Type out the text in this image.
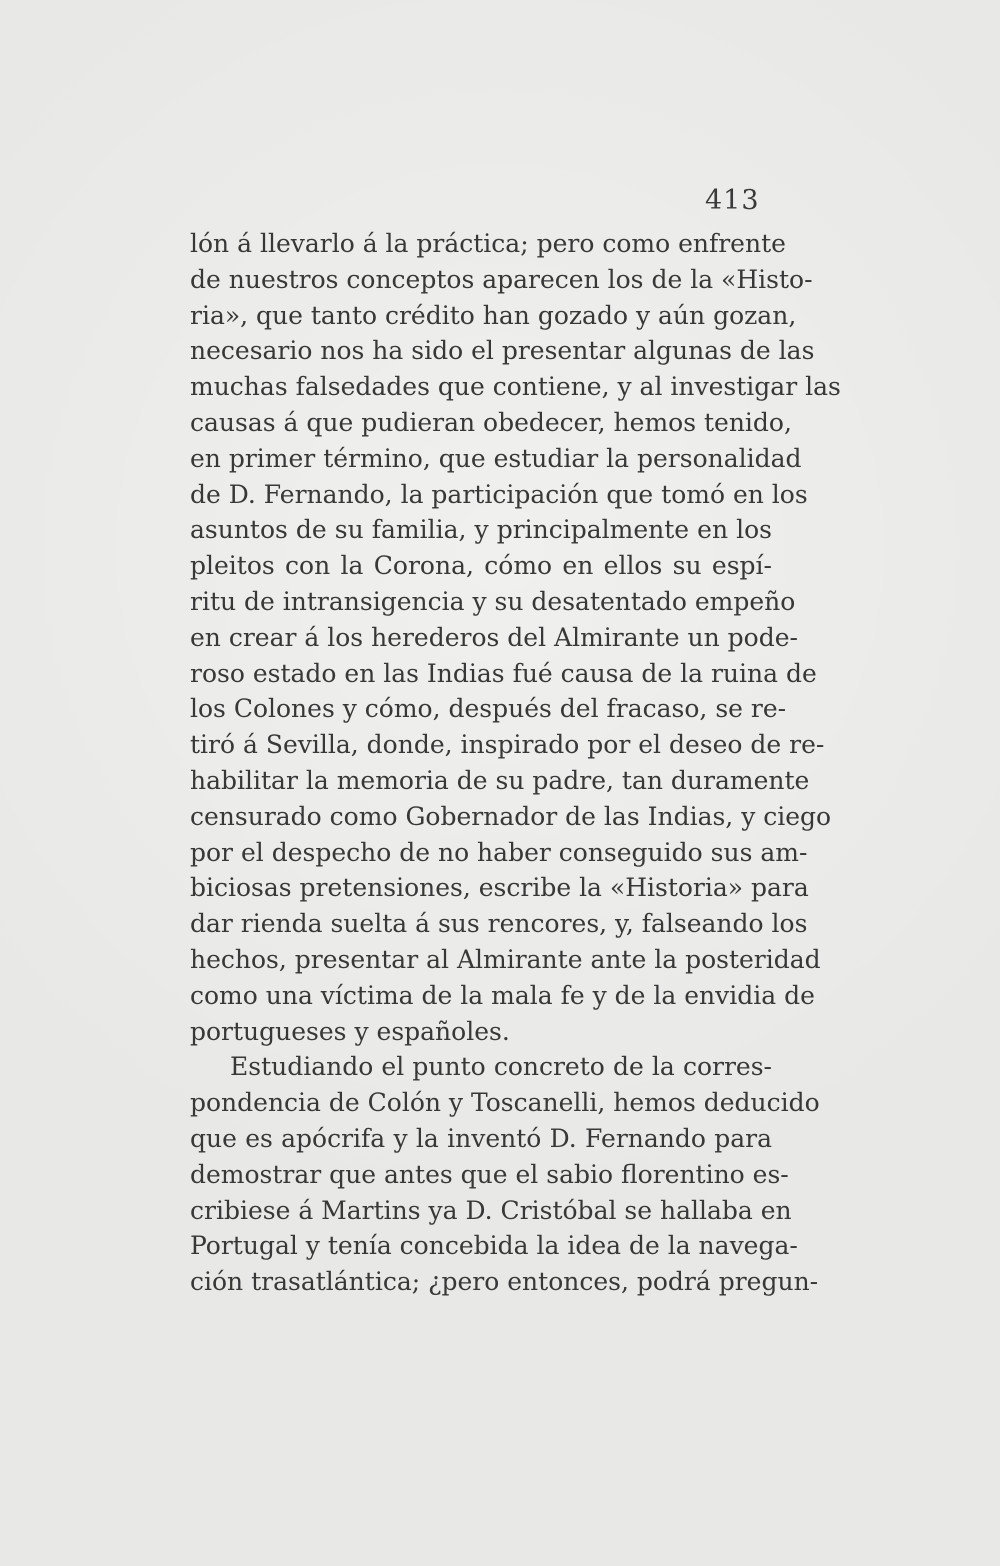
413
lón á llevarlo á la práctica; pero como enfrente
de nuestros conceptos aparecen los de la «Histo-
ria», que tanto crédito han gozado y aún gozan,
necesario nos ha sido el presentar algunas de las
muchas falsedades que contiene, y al investigar las
causas á que pudieran obedecer, hemos tenido,
en primer término, que estudiar la personalidad
de D. Fernando, la participación que tomó en los
asuntos de su familia, y principalmente en los
pleitos con la Corona, cómo en ellos su espí-
ritu de intransigencia y su desatentado empeño
en crear á los herederos del Almirante un pode-
roso estado en las Indias fué causa de la ruina de
los Colones y cómo, después del fracaso, se re-
tiró á Sevilla, donde, inspirado por el deseo de re-
habilitar la memoria de su padre, tan duramente
censurado como Gobernador de las Indias, y ciego
por el despecho de no haber conseguido sus am-
biciosas pretensiones, escribe la «Historia» para
dar rienda suelta á sus rencores, y, falseando los
hechos, presentar al Almirante ante la posteridad
como una víctima de la mala fe y de la envidia de
portugueses y españoles.
Estudiando el punto concreto de la corres-
pondencia de Colón y Toscanelli, hemos deducido
que es apócrifa y la inventó D. Fernando para
demostrar que antes que el sabio florentino es-
cribiese á Martins ya D. Cristóbal se hallaba en
Portugal y tenía concebida la idea de la navega-
ción trasatlántica; ¿pero entonces, podrá pregun-
